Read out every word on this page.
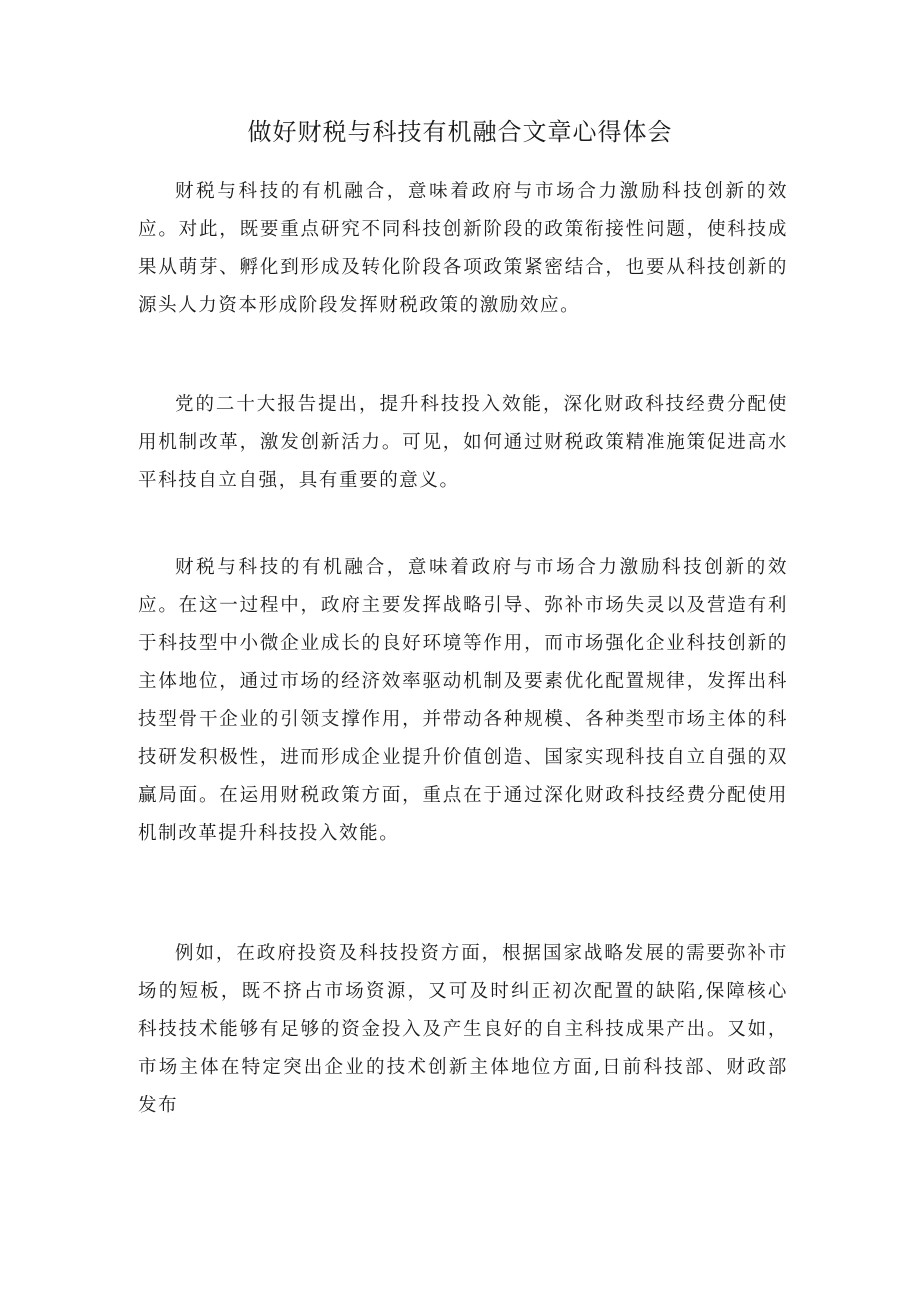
做好财税与科技有机融合文章心得体会

财税与科技的有机融合，意味着政府与市场合力激励科技创新的效应。对此，既要重点研究不同科技创新阶段的政策衔接性问题，使科技成果从萌芽、孵化到形成及转化阶段各项政策紧密结合，也要从科技创新的源头人力资本形成阶段发挥财税政策的激励效应。

党的二十大报告提出，提升科技投入效能，深化财政科技经费分配使用机制改革，激发创新活力。可见，如何通过财税政策精准施策促进高水平科技自立自强，具有重要的意义。

财税与科技的有机融合，意味着政府与市场合力激励科技创新的效应。在这一过程中，政府主要发挥战略引导、弥补市场失灵以及营造有利于科技型中小微企业成长的良好环境等作用，而市场强化企业科技创新的主体地位，通过市场的经济效率驱动机制及要素优化配置规律，发挥出科技型骨干企业的引领支撑作用，并带动各种规模、各种类型市场主体的科技研发积极性，进而形成企业提升价值创造、国家实现科技自立自强的双赢局面。在运用财税政策方面，重点在于通过深化财政科技经费分配使用机制改革提升科技投入效能。

例如，在政府投资及科技投资方面，根据国家战略发展的需要弥补市场的短板，既不挤占市场资源，又可及时纠正初次配置的缺陷,保障核心科技技术能够有足够的资金投入及产生良好的自主科技成果产出。又如，市场主体在特定突出企业的技术创新主体地位方面,日前科技部、财政部发布
